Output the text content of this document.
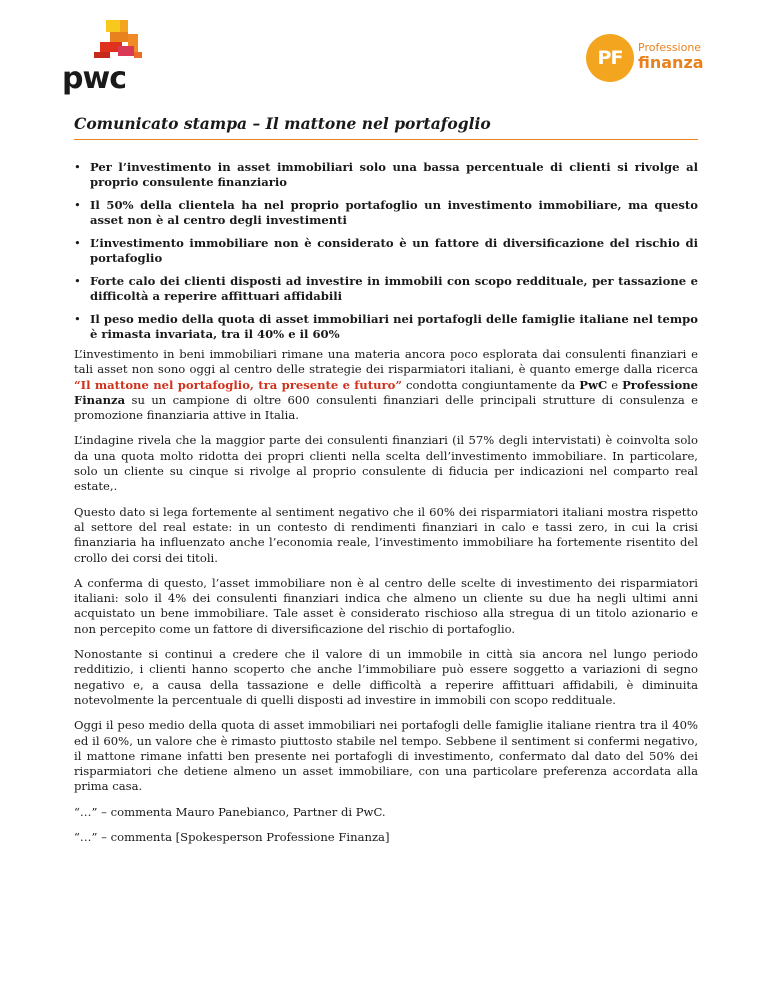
pwc
PF	Professione
finanza
Comunicato stampa – Il mattone nel portafoglio
• Per l’investimento in asset immobiliari solo una bassa percentuale di clienti si rivolge al proprio consulente finanziario
• Il 50% della clientela ha nel proprio portafoglio un investimento immobiliare, ma questo asset non è al centro degli investimenti
• L’investimento immobiliare non è considerato è un fattore di diversificazione del rischio di portafoglio
• Forte calo dei clienti disposti ad investire in immobili con scopo reddituale, per tassazione e difficoltà a reperire affittuari affidabili
• Il peso medio della quota di asset immobiliari nei portafogli delle famiglie italiane nel tempo è rimasta invariata, tra il 40% e il 60%

L’investimento in beni immobiliari rimane una materia ancora poco esplorata dai consulenti finanziari e tali asset non sono oggi al centro delle strategie dei risparmiatori italiani, è quanto emerge dalla ricerca “Il mattone nel portafoglio, tra presente e futuro” condotta congiuntamente da PwC e Professione Finanza su un campione di oltre 600 consulenti finanziari delle principali strutture di consulenza e promozione finanziaria attive in Italia.

L’indagine rivela che la maggior parte dei consulenti finanziari (il 57% degli intervistati) è coinvolta solo da una quota molto ridotta dei propri clienti nella scelta dell’investimento immobiliare. In particolare, solo un cliente su cinque si rivolge al proprio consulente di fiducia per indicazioni nel comparto real estate,.

Questo dato si lega fortemente al sentiment negativo che il 60% dei risparmiatori italiani mostra rispetto al settore del real estate: in un contesto di rendimenti finanziari in calo e tassi zero, in cui la crisi finanziaria ha influenzato anche l’economia reale, l’investimento immobiliare ha fortemente risentito del crollo dei corsi dei titoli.

A conferma di questo, l’asset immobiliare non è al centro delle scelte di investimento dei risparmiatori italiani: solo il 4% dei consulenti finanziari indica che almeno un cliente su due ha negli ultimi anni acquistato un bene immobiliare. Tale asset è considerato rischioso alla stregua di un titolo azionario e non percepito come un fattore di diversificazione del rischio di portafoglio.

Nonostante si continui a credere che il valore di un immobile in città sia ancora nel lungo periodo redditizio, i clienti hanno scoperto che anche l’immobiliare può essere soggetto a variazioni di segno negativo e, a causa della tassazione e delle difficoltà a reperire affittuari affidabili, è diminuita notevolmente la percentuale di quelli disposti ad investire in immobili con scopo reddituale.

Oggi il peso medio della quota di asset immobiliari nei portafogli delle famiglie italiane rientra tra il 40% ed il 60%, un valore che è rimasto piuttosto stabile nel tempo. Sebbene il sentiment si confermi negativo, il mattone rimane infatti ben presente nei portafogli di investimento, confermato dal dato del 50% dei risparmiatori che detiene almeno un asset immobiliare, con una particolare preferenza accordata alla prima casa.

“…” – commenta Mauro Panebianco, Partner di PwC.

“…” – commenta [Spokesperson Professione Finanza]
